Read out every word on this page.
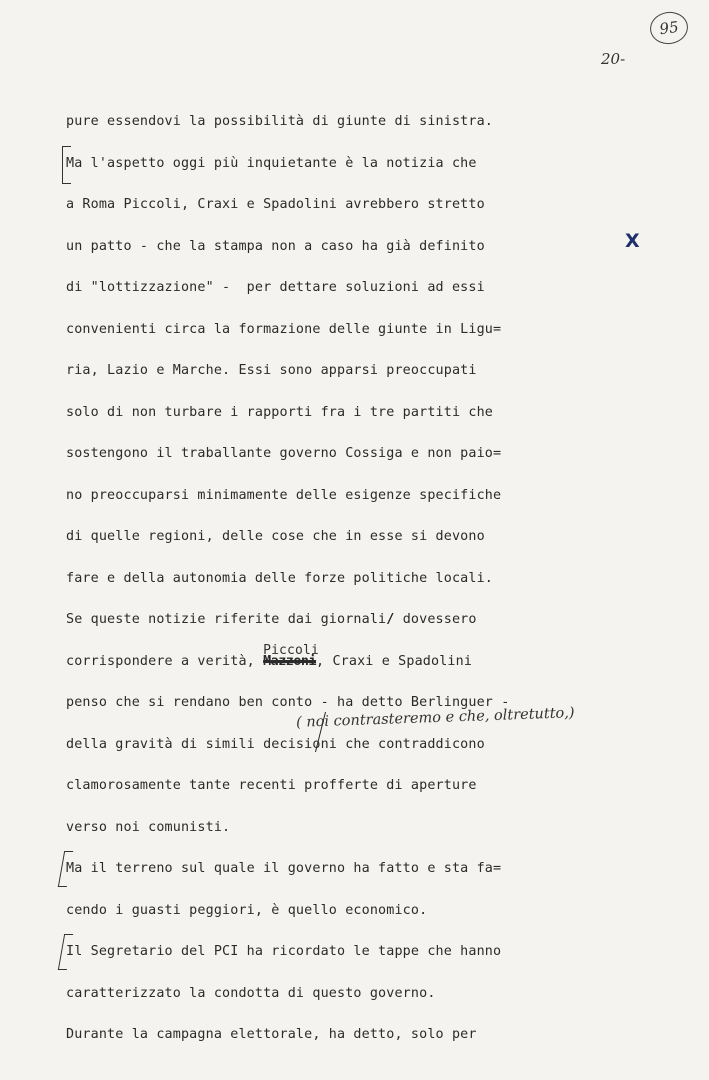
95
20-
X
pure essendovi la possibilità di giunte di sinistra.
Ma l'aspetto oggi più inquietante è la notizia che
a Roma Piccoli, Craxi e Spadolini avrebbero stretto
un patto - che la stampa non a caso ha già definito
di "lottizzazione" -  per dettare soluzioni ad essi
convenienti circa la formazione delle giunte in Ligu=
ria, Lazio e Marche. Essi sono apparsi preoccupati
solo di non turbare i rapporti fra i tre partiti che
sostengono il traballante governo Cossiga e non paio=
no preoccuparsi minimamente delle esigenze specifiche
di quelle regioni, delle cose che in esse si devono
fare e della autonomia delle forze politiche locali.
Se queste notizie riferite dai giornali/ dovessero
corrispondere a verità,
Piccoli
Mazzoni, Craxi e Spadolini
penso che si rendano ben conto - ha detto Berlinguer -
( noi contrasteremo e che, oltretutto,)
della gravità di simili decisioni che contraddicono
clamorosamente tante recenti profferte di aperture
verso noi comunisti.
Ma il terreno sul quale il governo ha fatto e sta fa=
cendo i guasti peggiori, è quello economico.
Il Segretario del PCI ha ricordato le tappe che hanno
caratterizzato la condotta di questo governo.
Durante la campagna elettorale, ha detto, solo per
